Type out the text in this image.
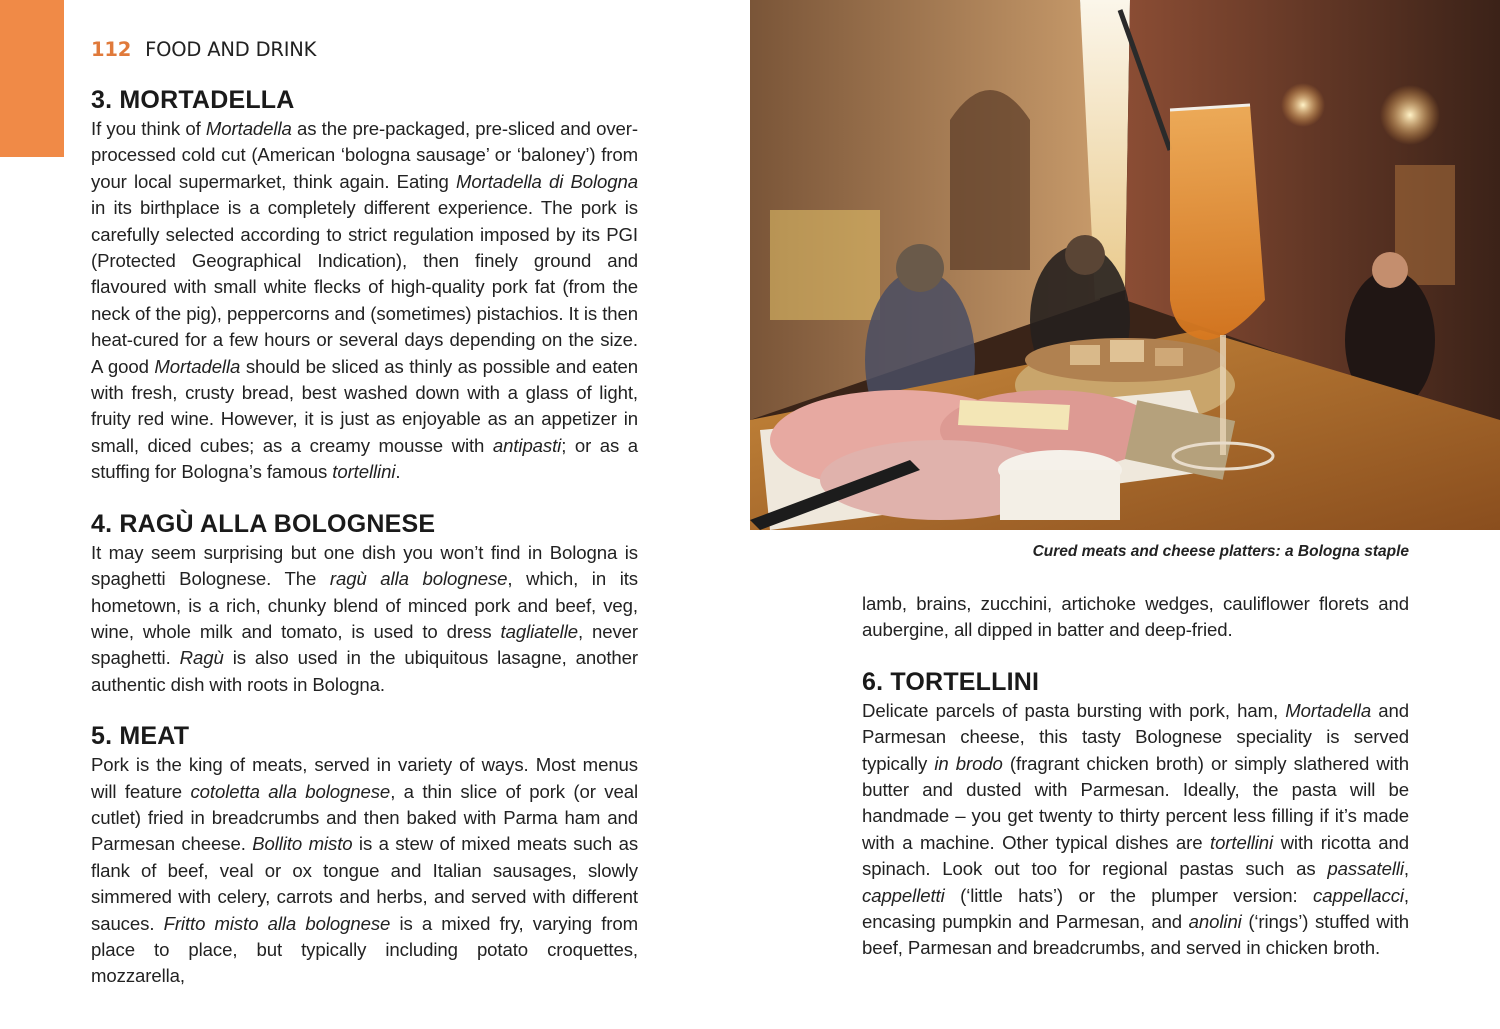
112 FOOD AND DRINK
3. MORTADELLA

If you think of Mortadella as the pre-packaged, pre-sliced and over-processed cold cut (American ‘bologna sausage’ or ‘baloney’) from your local supermarket, think again. Eating Mortadella di Bologna in its birthplace is a completely different experience. The pork is carefully selected according to strict regulation imposed by its PGI (Protected Geographical Indication), then finely ground and flavoured with small white flecks of high-quality pork fat (from the neck of the pig), peppercorns and (sometimes) pistachios. It is then heat-cured for a few hours or several days depending on the size. A good Mortadella should be sliced as thinly as possible and eaten with fresh, crusty bread, best washed down with a glass of light, fruity red wine. However, it is just as enjoyable as an appetizer in small, diced cubes; as a creamy mousse with antipasti; or as a stuffing for Bologna’s famous tortellini.

4. RAGÙ ALLA BOLOGNESE

It may seem surprising but one dish you won’t find in Bologna is spaghetti Bolognese. The ragù alla bolognese, which, in its hometown, is a rich, chunky blend of minced pork and beef, veg, wine, whole milk and tomato, is used to dress tagliatelle, never spaghetti. Ragù is also used in the ubiquitous lasagne, another authentic dish with roots in Bologna.

5. MEAT

Pork is the king of meats, served in variety of ways. Most menus will feature cotoletta alla bolognese, a thin slice of pork (or veal cutlet) fried in breadcrumbs and then baked with Parma ham and Parmesan cheese. Bollito misto is a stew of mixed meats such as flank of beef, veal or ox tongue and Italian sausages, slowly simmered with celery, carrots and herbs, and served with different sauces. Fritto misto alla bolognese is a mixed fry, varying from place to place, but typically including potato croquettes, mozzarella,

Cured meats and cheese platters: a Bologna staple

lamb, brains, zucchini, artichoke wedges, cauliflower florets and aubergine, all dipped in batter and deep-fried.

6. TORTELLINI

Delicate parcels of pasta bursting with pork, ham, Mortadella and Parmesan cheese, this tasty Bolognese speciality is served typically in brodo (fragrant chicken broth) or simply slathered with butter and dusted with Parmesan. Ideally, the pasta will be handmade – you get twenty to thirty percent less filling if it’s made with a machine. Other typical dishes are tortellini with ricotta and spinach. Look out too for regional pastas such as passatelli, cappelletti (‘little hats’) or the plumper version: cappellacci, encasing pumpkin and Parmesan, and anolini (‘rings’) stuffed with beef, Parmesan and breadcrumbs, and served in chicken broth.
